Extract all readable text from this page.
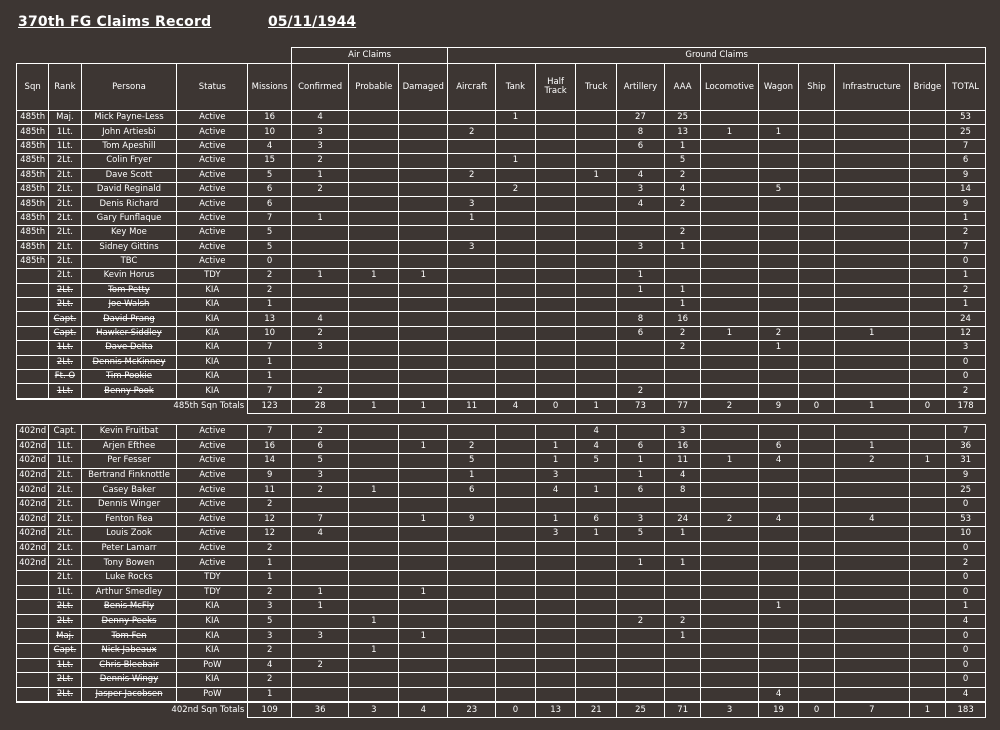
370th FG Claims Record	05/11/1944
					Air Claims			Ground Claims											
Sqn	Rank	Persona	Status	Missions	Confirmed	Probable	Damaged	Aircraft	Tank	Half Track	Truck	Artillery	AAA	Locomotive	Wagon	Ship	Infrastructure	Bridge	TOTAL
485th	Maj.	Mick Payne-Less	Active	16	4				1			27	25						53
485th	1Lt.	John Artiesbi	Active	10	3			2				8	13	1	1				25
485th	1Lt.	Tom Apeshill	Active	4	3							6	1						7
485th	2Lt.	Colin Fryer	Active	15	2				1				5						6
485th	2Lt.	Dave Scott	Active	5	1			2			1	4	2						9
485th	2Lt.	David Reginald	Active	6	2				2			3	4		5				14
485th	2Lt.	Denis Richard	Active	6				3				4	2						9
485th	2Lt.	Gary Funflaque	Active	7	1			1											1
485th	2Lt.	Key Moe	Active	5									2						2
485th	2Lt.	Sidney Gittins	Active	5				3				3	1						7
485th	2Lt.	TBC	Active	0															0
	2Lt.	Kevin Horus	TDY	2	1	1	1					1							1
	2Lt.	Tom Petty	KIA	2								1	1						2
	2Lt.	Joe Walsh	KIA	1									1						1
	Capt.	David Prang	KIA	13	4							8	16						24
	Capt.	Hawker-Siddley	KIA	10	2							6	2	1	2		1		12
	1Lt.	Dave Delta	KIA	7	3								2		1				3
	2Lt.	Dennis McKinney	KIA	1															0
	Ft. O	Tim Pookie	KIA	1															0
	1Lt.	Benny Pook	KIA	7	2							2							2
485th Sqn Totals				123	28	1	1	11	4	0	1	73	77	2	9	0	1	0	178
402nd	Capt.	Kevin Fruitbat	Active	7	2						4		3						7
402nd	1Lt.	Arjen Efthee	Active	16	6		1	2		1	4	6	16		6		1		36
402nd	1Lt.	Per Fesser	Active	14	5			5		1	5	1	11	1	4		2	1	31
402nd	2Lt.	Bertrand Finknottle	Active	9	3			1		3		1	4						9
402nd	2Lt.	Casey Baker	Active	11	2	1		6		4	1	6	8						25
402nd	2Lt.	Dennis Winger	Active	2															0
402nd	2Lt.	Fenton Rea	Active	12	7		1	9		1	6	3	24	2	4		4		53
402nd	2Lt.	Louis Zook	Active	12	4					3	1	5	1						10
402nd	2Lt.	Peter Lamarr	Active	2															0
402nd	2Lt.	Tony Bowen	Active	1								1	1						2
	2Lt.	Luke Rocks	TDY	1															0
	1Lt.	Arthur Smedley	TDY	2	1		1												0
	2Lt.	Benis McFly	KIA	3	1										1				1
	2Lt.	Denny Peeks	KIA	5		1						2	2						4
	Maj.	Tom Fen	KIA	3	3		1						1						0
	Capt.	Nick Jabeaux	KIA	2		1													0
	1Lt.	Chris Bleebair	PoW	4	2														0
	2Lt.	Dennis Wingy	KIA	2															0
	2Lt.	Jasper Jacobsen	PoW	1											4				4
402nd Sqn Totals				109	36	3	4	23	0	13	21	25	71	3	19	0	7	1	183
